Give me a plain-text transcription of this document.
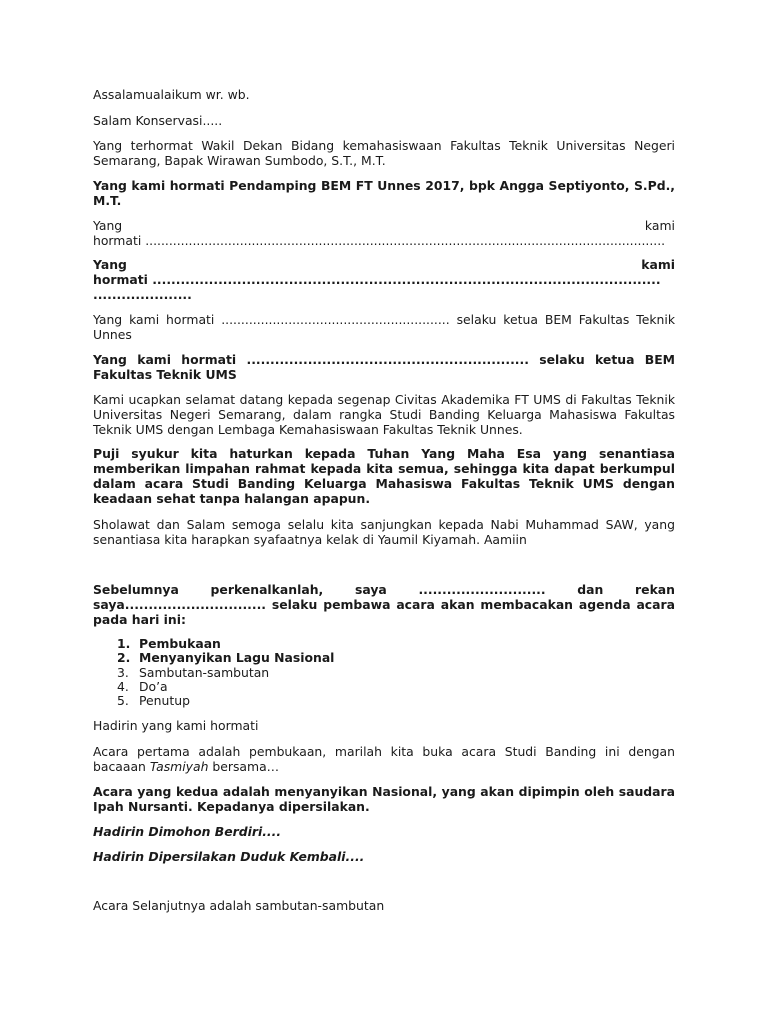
Assalamualaikum wr. wb.

Salam Konservasi.....

Yang terhormat Wakil Dekan Bidang kemahasiswaan Fakultas Teknik Universitas Negeri Semarang, Bapak Wirawan Sumbodo, S.T., M.T.

Yang kami hormati Pendamping BEM FT Unnes 2017, bpk Angga Septiyonto, S.Pd., M.T.

Yang	kami
hormati ....................................................................................................................................
Yang	kami
hormati ............................................................................................................
.....................

Yang kami hormati .......................................................... selaku ketua BEM Fakultas Teknik Unnes

Yang kami hormati ............................................................ selaku ketua BEM Fakultas Teknik UMS

Kami ucapkan selamat datang kepada segenap Civitas Akademika FT UMS di Fakultas Teknik Universitas Negeri Semarang, dalam rangka Studi Banding Keluarga Mahasiswa Fakultas Teknik UMS dengan Lembaga Kemahasiswaan Fakultas Teknik Unnes.

Puji syukur kita haturkan kepada Tuhan Yang Maha Esa yang senantiasa memberikan limpahan rahmat kepada kita semua, sehingga kita dapat berkumpul dalam acara Studi Banding Keluarga Mahasiswa Fakultas Teknik UMS dengan keadaan sehat tanpa halangan apapun.

Sholawat dan Salam semoga selalu kita sanjungkan kepada Nabi Muhammad SAW, yang senantiasa kita harapkan syafaatnya kelak di Yaumil Kiyamah. Aamiin

Sebelumnya perkenalkanlah, saya ........................... dan rekan saya.............................. selaku pembawa acara akan membacakan agenda acara pada hari ini:

1. Pembukaan
2. Menyanyikan Lagu Nasional
3. Sambutan-sambutan
4. Do’a
5. Penutup

Hadirin yang kami hormati

Acara pertama adalah pembukaan, marilah kita buka acara Studi Banding ini dengan bacaaan Tasmiyah bersama…

Acara yang kedua adalah menyanyikan Nasional, yang akan dipimpin oleh saudara Ipah Nursanti. Kepadanya dipersilakan.

Hadirin Dimohon Berdiri....

Hadirin Dipersilakan Duduk Kembali....

Acara Selanjutnya adalah sambutan-sambutan
